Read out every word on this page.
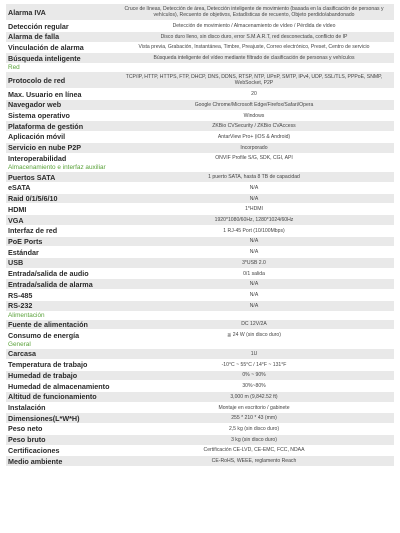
Alarma IVA	Cruce de líneas, Detección de área, Detección inteligente de movimiento (basada en la clasificación de personas y vehículos), Recuento de objetivos, Estadísticas de recuento, Objeto perdido/abandonado
Detección regular	Detección de movimiento / Almacenamiento de vídeo / Pérdida de vídeo
Alarma de falla	Disco duro lleno, sin disco duro, error S.M.A.R.T, red desconectada, conflicto de IP
Vinculación de alarma	Vista previa, Grabación, Instantánea, Timbre, Preajuste, Correo electrónico, Preset, Centro de servicio
Búsqueda inteligente	Búsqueda inteligente del vídeo mediante filtrado de clasificación de personas y vehículos
Red
Protocolo de red	TCP/IP, HTTP, HTTPS, FTP, DHCP, DNS, DDNS, RTSP, NTP, UPnP, SMTP, IPv4, UDP, SSL/TLS, PPPoE, SNMP, WebSocket, P2P
Max. Usuario en línea	20
Navegador web	Google Chrome/Microsoft Edge/Firefox/Safari/Opera
Sistema operativo	Windows
Plataforma de gestión	ZKBio CVSecurity / ZKBio CVAccess
Aplicación móvil	AntarView Pro+ (iOS & Android)
Servicio en nube P2P	Incorporado
Interoperabilidad	ONVIF Profile S/G, SDK, CGI, API
Almacenamiento e interfaz auxiliar
Puertos SATA	1 puerto SATA, hasta 8 TB de capacidad
eSATA	N/A
Raid 0/1/5/6/10	N/A
HDMI	1*HDMI
VGA	1920*1080/60Hz, 1280*1024/60Hz
Interfaz de red	1 RJ-45 Port (10/100Mbps)
PoE Ports	N/A
Estándar	N/A
USB	3*USB 2.0
Entrada/salida de audio	0/1 salida
Entrada/salida de alarma	N/A
RS-485	N/A
RS-232	N/A
Alimentación
Fuente de alimentación	DC 12V/2A
Consumo de energía	≦ 24 W (sin disco duro)
General
Carcasa	1U
Temperatura de trabajo	-10°C ~ 55°C / 14°F ~ 131°F
Humedad de trabajo	0% ~ 90%
Humedad de almacenamiento	30%~80%
Altitud de funcionamiento	3,000 m (9,842.52 ft)
Instalación	Montaje en escritorio / gabinete
Dimensiones(L*W*H)	255 * 210 * 43 (mm)
Peso neto	2,5 kg (sin disco duro)
Peso bruto	3 kg (sin disco duro)
Certificaciones	Certificación CE-LVD, CE-EMC, FCC, NDAA
Medio ambiente	CE-RoHS, WEEE, reglamento Reach
